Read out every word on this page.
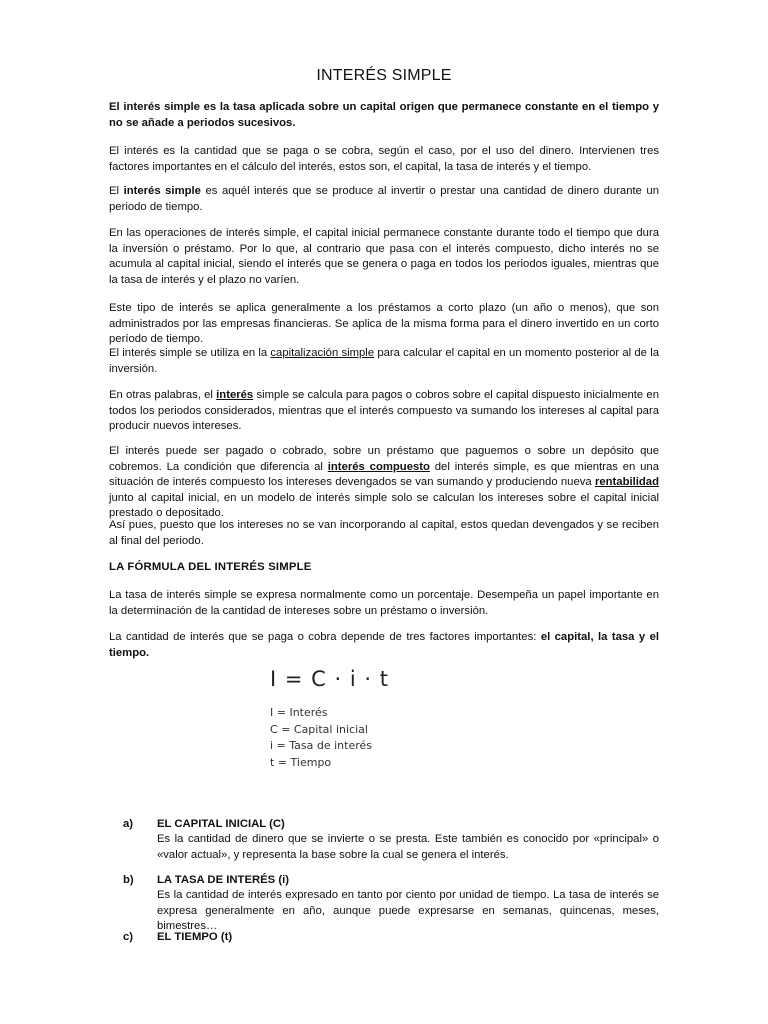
INTERÉS SIMPLE

El interés simple es la tasa aplicada sobre un capital origen que permanece constante en el tiempo y no se añade a periodos sucesivos.

El interés es la cantidad que se paga o se cobra, según el caso, por el uso del dinero. Intervienen tres factores importantes en el cálculo del interés, estos son, el capital, la tasa de interés y el tiempo.

El interés simple es aquél interés que se produce al invertir o prestar una cantidad de dinero durante un periodo de tiempo.

En las operaciones de interés simple, el capital inicial permanece constante durante todo el tiempo que dura la inversión o préstamo. Por lo que, al contrario que pasa con el interés compuesto, dicho interés no se acumula al capital inicial, siendo el interés que se genera o paga en todos los periodos iguales, mientras que la tasa de interés y el plazo no varíen.

Este tipo de interés se aplica generalmente a los préstamos a corto plazo (un año o menos), que son administrados por las empresas financieras. Se aplica de la misma forma para el dinero invertido en un corto período de tiempo.

El interés simple se utiliza en la capitalización simple para calcular el capital en un momento posterior al de la inversión.

En otras palabras, el interés simple se calcula para pagos o cobros sobre el capital dispuesto inicialmente en todos los periodos considerados, mientras que el interés compuesto va sumando los intereses al capital para producir nuevos intereses.

El interés puede ser pagado o cobrado, sobre un préstamo que paguemos o sobre un depósito que cobremos. La condición que diferencia al interés compuesto del interés simple, es que mientras en una situación de interés compuesto los intereses devengados se van sumando y produciendo nueva rentabilidad junto al capital inicial, en un modelo de interés simple solo se calculan los intereses sobre el capital inicial prestado o depositado.

Así pues, puesto que los intereses no se van incorporando al capital, estos quedan devengados y se reciben al final del periodo.

LA FÓRMULA DEL INTERÉS SIMPLE

La tasa de interés simple se expresa normalmente como un porcentaje. Desempeña un papel importante en la determinación de la cantidad de intereses sobre un préstamo o inversión.

La cantidad de interés que se paga o cobra depende de tres factores importantes: el capital, la tasa y el tiempo.

I = C · i · t
I = Interés
C = Capital inicial
i = Tasa de interés
t = Tiempo
a) EL CAPITAL INICIAL (C)
Es la cantidad de dinero que se invierte o se presta. Este también es conocido por «principal» o «valor actual», y representa la base sobre la cual se genera el interés.
b) LA TASA DE INTERÉS (i)
Es la cantidad de interés expresado en tanto por ciento por unidad de tiempo. La tasa de interés se expresa generalmente en año, aunque puede expresarse en semanas, quincenas, meses, bimestres…
c) EL TIEMPO (t)
